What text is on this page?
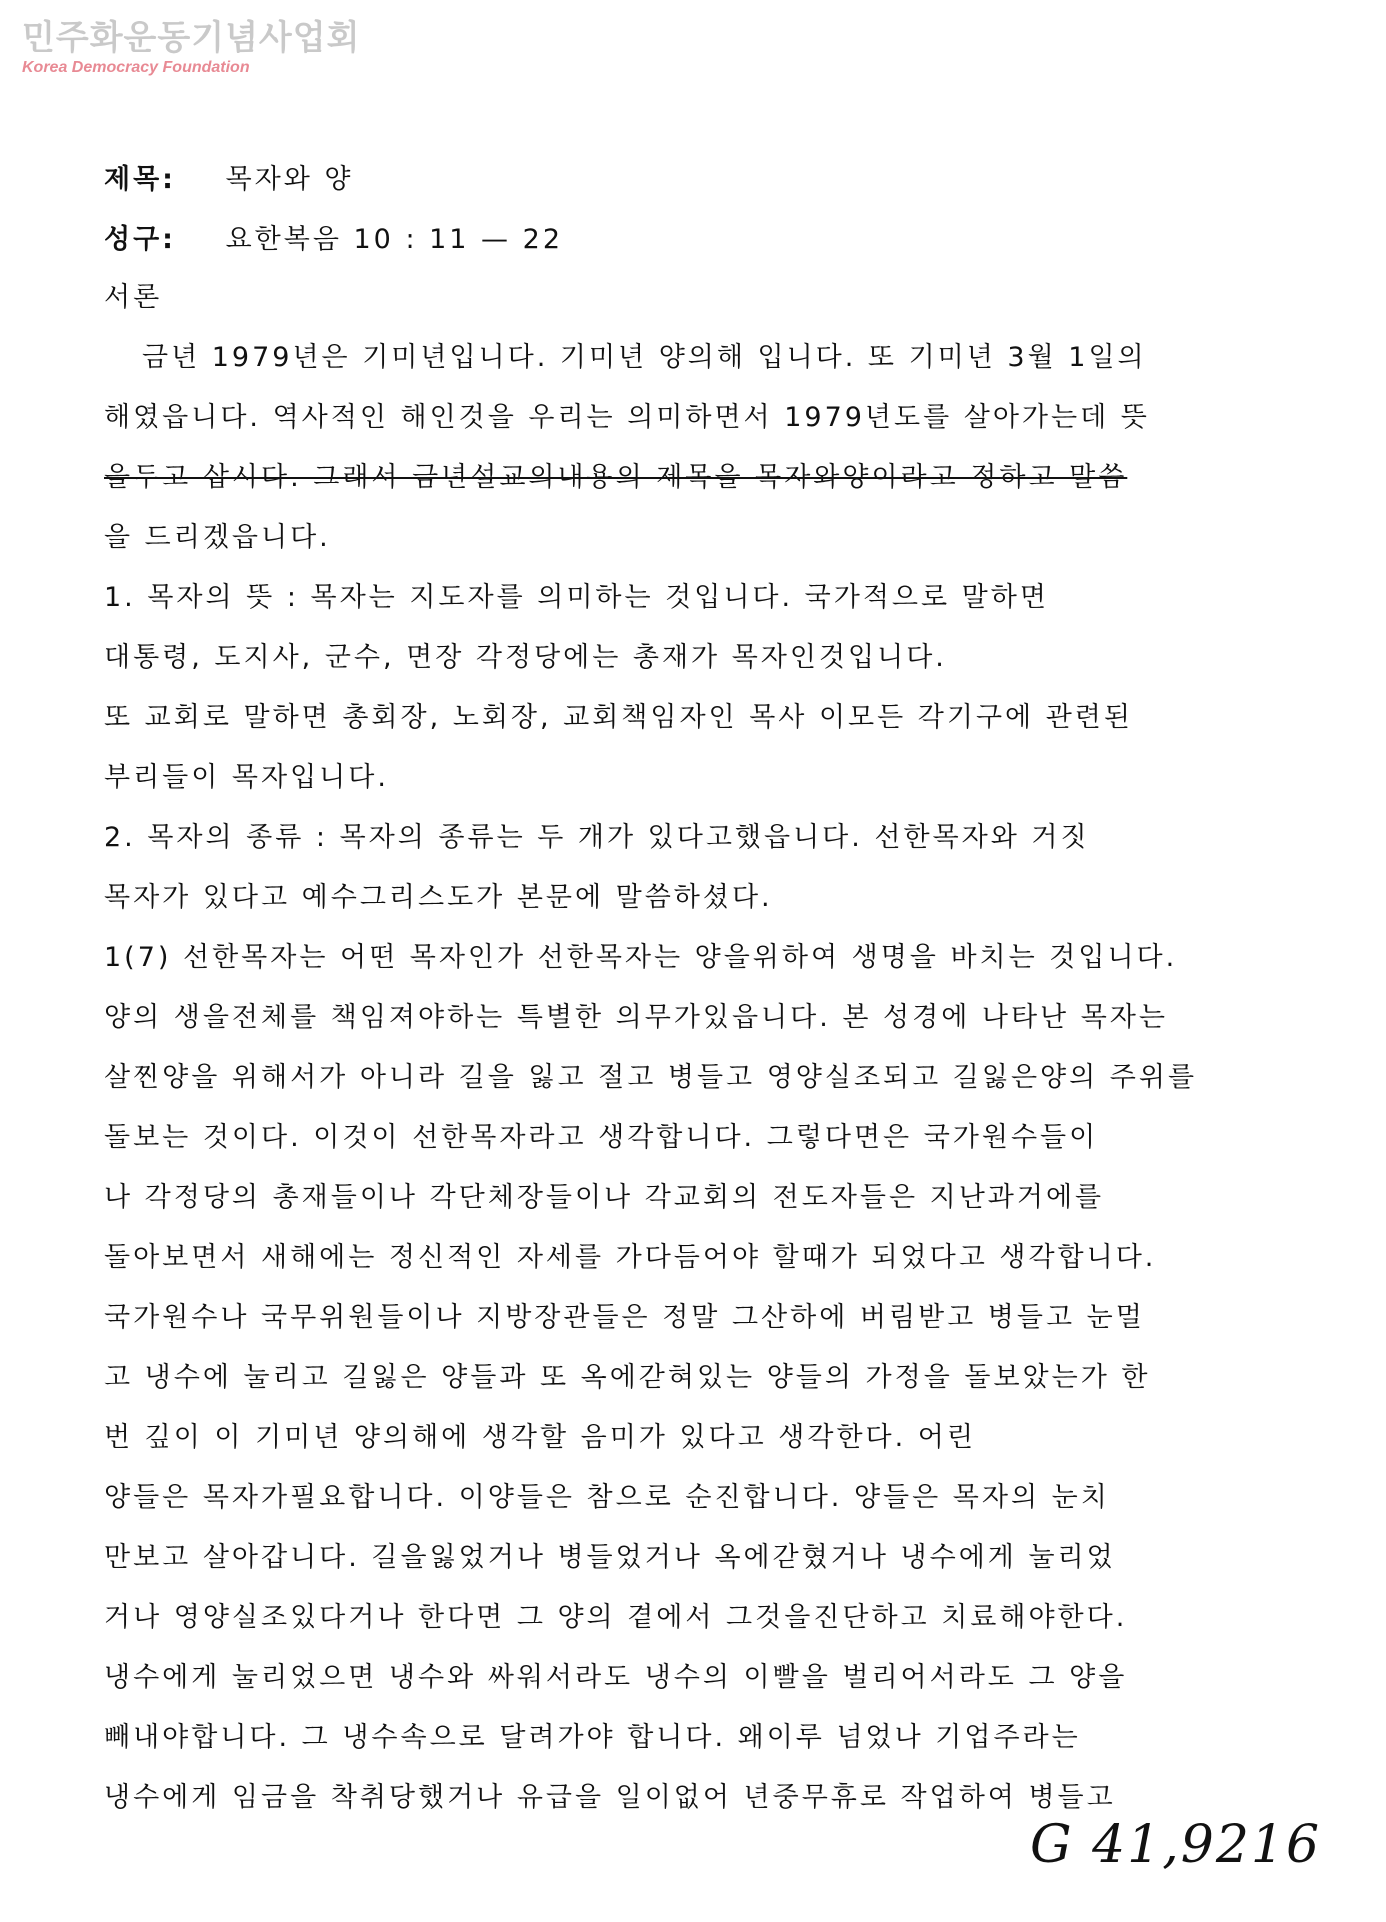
민주화운동기념사업회
Korea Democracy Foundation
제목: 목자와 양
성구: 요한복음 10 : 11 — 22
서론
금년 1979년은 기미년입니다. 기미년 양의해 입니다. 또 기미년 3월 1일의
해였읍니다. 역사적인 해인것을 우리는 의미하면서 1979년도를 살아가는데 뜻
을두고 삽시다. 그래서 금년설교의내용의 제목을 목자와양이라고 정하고 말씀
을 드리겠읍니다.
1. 목자의 뜻 : 목자는 지도자를 의미하는 것입니다. 국가적으로 말하면
대통령, 도지사, 군수, 면장 각정당에는 총재가 목자인것입니다.
또 교회로 말하면 총회장, 노회장, 교회책임자인 목사 이모든 각기구에 관련된
부리들이 목자입니다.
2. 목자의 종류 : 목자의 종류는 두 개가 있다고했읍니다. 선한목자와 거짓
목자가 있다고 예수그리스도가 본문에 말씀하셨다.
1(7) 선한목자는 어떤 목자인가 선한목자는 양을위하여 생명을 바치는 것입니다.
양의 생을전체를 책임져야하는 특별한 의무가있읍니다. 본 성경에 나타난 목자는
살찐양을 위해서가 아니라 길을 잃고 절고 병들고 영양실조되고 길잃은양의 주위를
돌보는 것이다. 이것이 선한목자라고 생각합니다. 그렇다면은 국가원수들이
나 각정당의 총재들이나 각단체장들이나 각교회의 전도자들은 지난과거에를
돌아보면서 새해에는 정신적인 자세를 가다듬어야 할때가 되었다고 생각합니다.
국가원수나 국무위원들이나 지방장관들은 정말 그산하에 버림받고 병들고 눈멀
고 냉수에 눌리고 길잃은 양들과 또 옥에갇혀있는 양들의 가정을 돌보았는가 한
번 깊이 이 기미년 양의해에 생각할 음미가 있다고 생각한다. 어린
양들은 목자가필요합니다. 이양들은 참으로 순진합니다. 양들은 목자의 눈치
만보고 살아갑니다. 길을잃었거나 병들었거나 옥에갇혔거나 냉수에게 눌리었
거나 영양실조있다거나 한다면 그 양의 곁에서 그것을진단하고 치료해야한다.
냉수에게 눌리었으면 냉수와 싸워서라도 냉수의 이빨을 벌리어서라도 그 양을
빼내야합니다. 그 냉수속으로 달려가야 합니다. 왜이루 넘었나 기업주라는
냉수에게 임금을 착취당했거나 유급을 일이없어 년중무휴로 작업하여 병들고
G 41,9216
